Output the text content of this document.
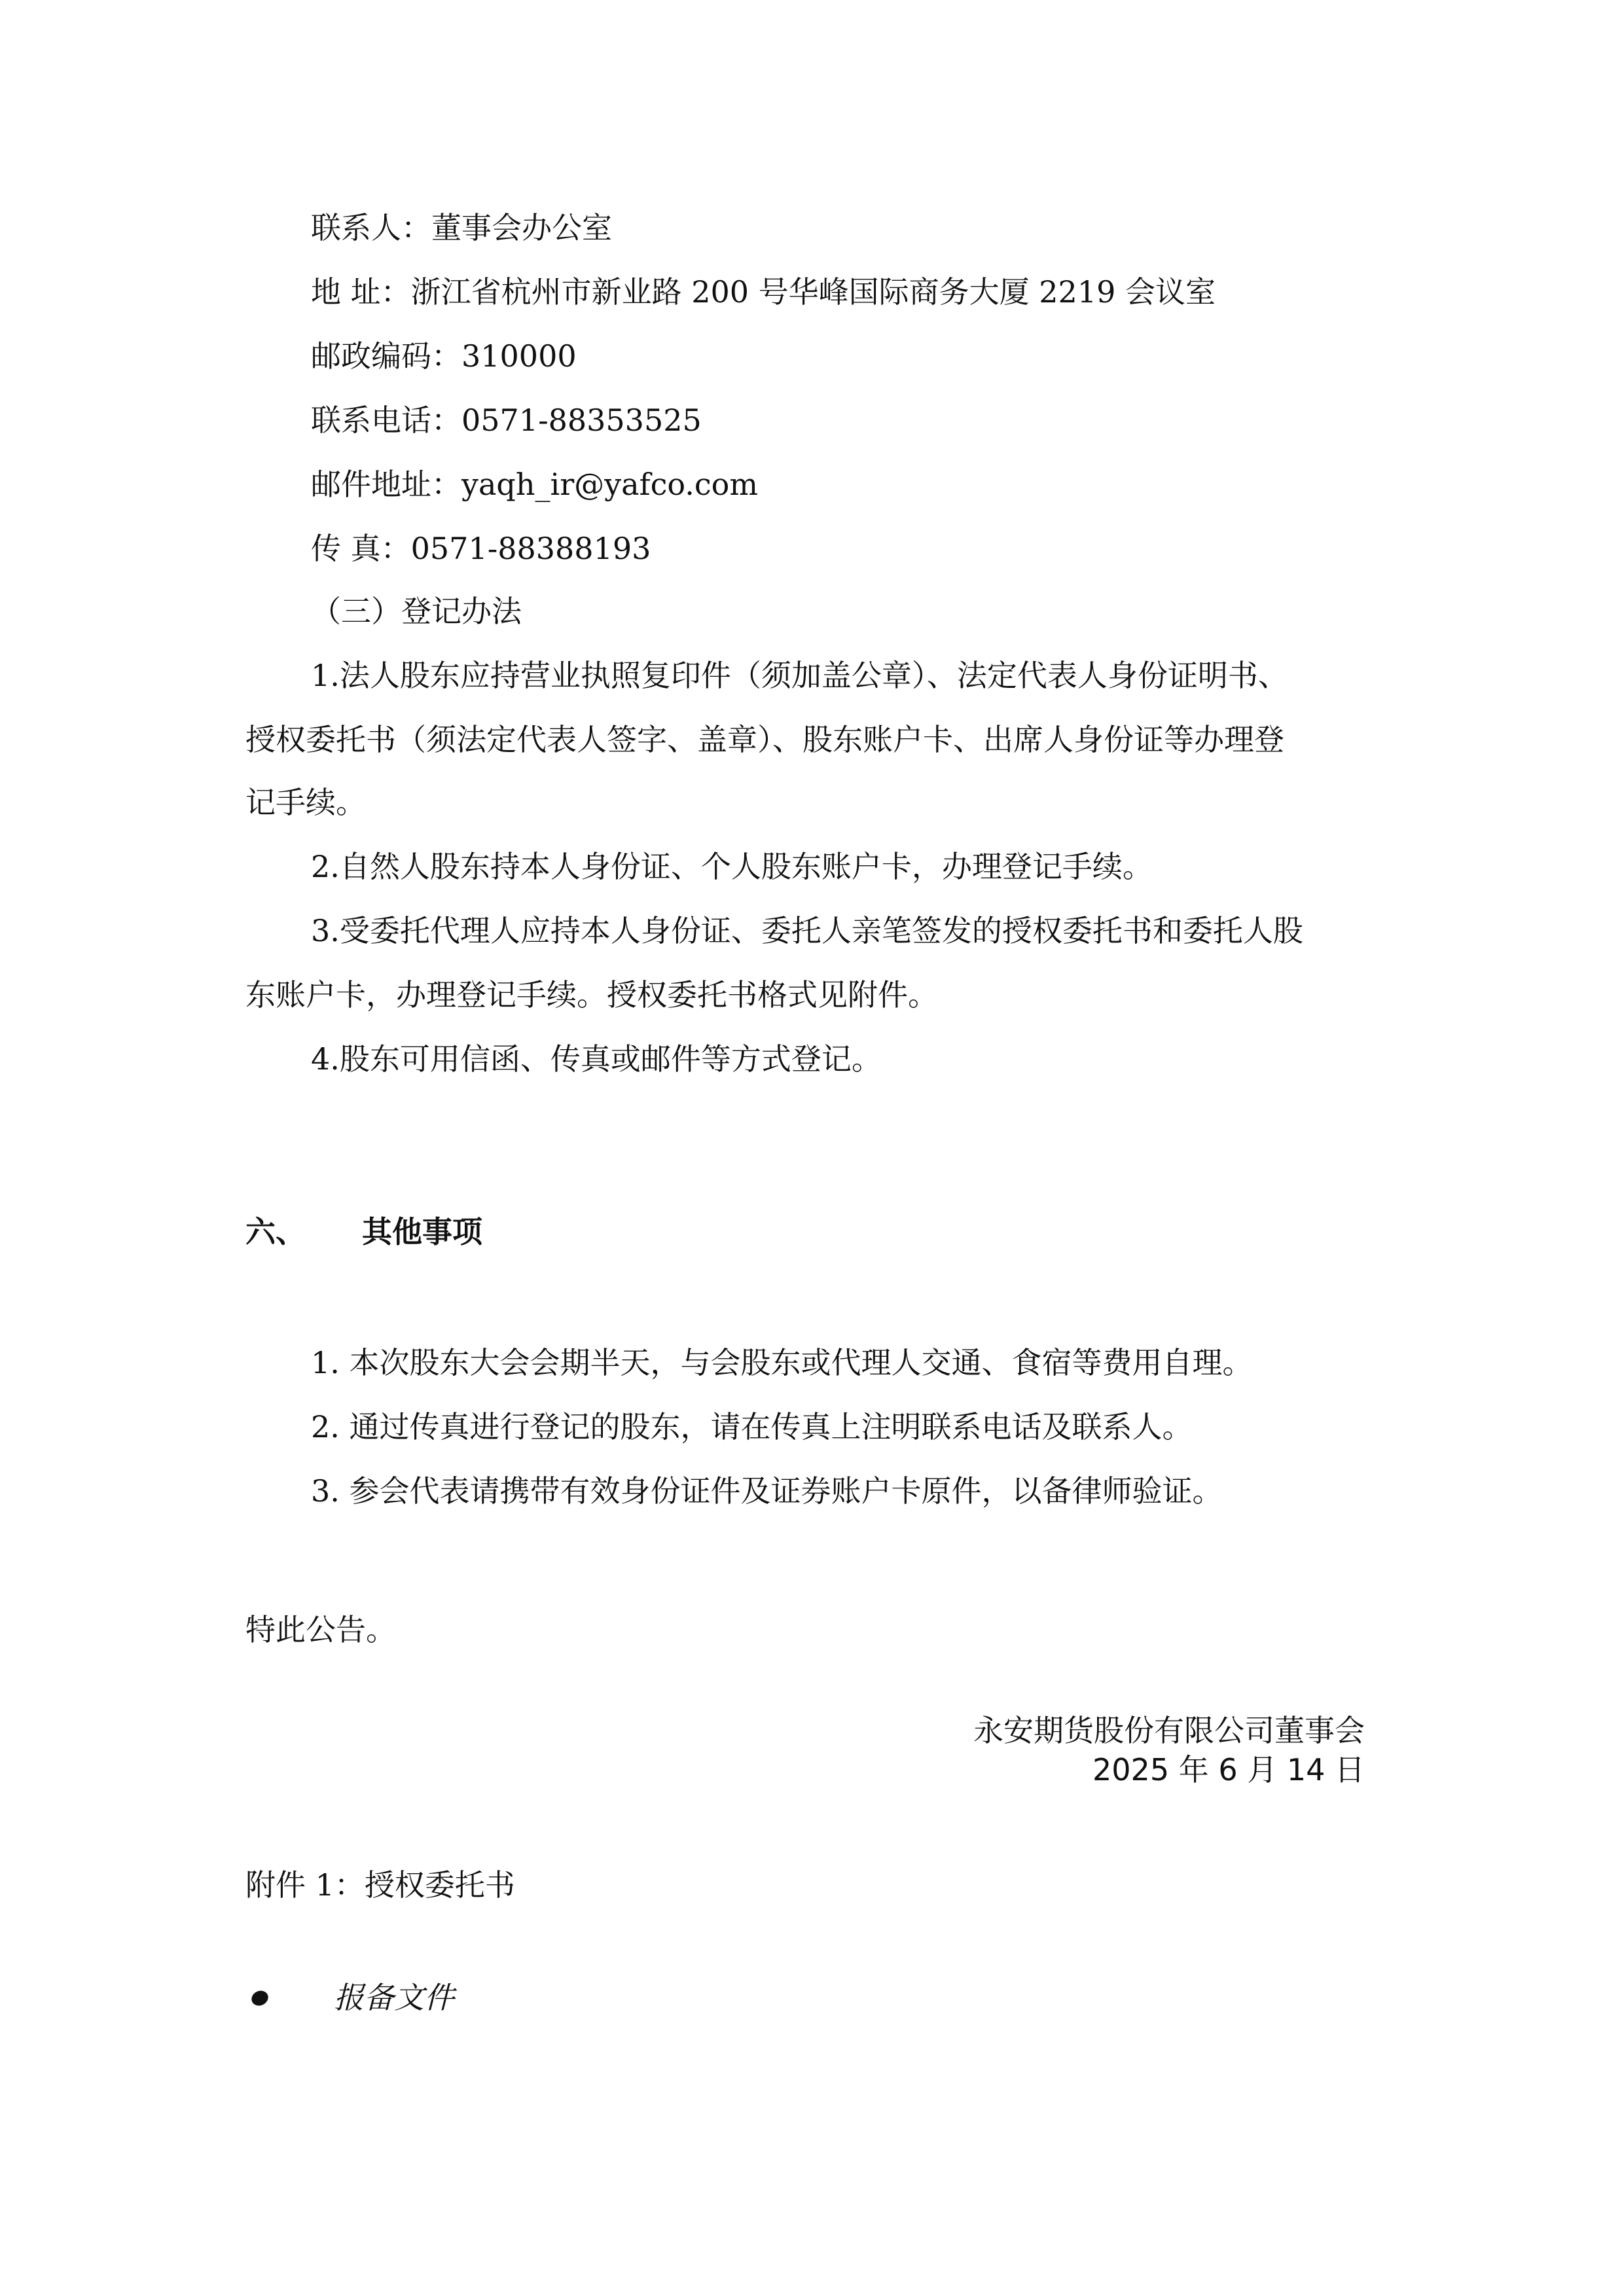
联系人：董事会办公室
地 址：浙江省杭州市新业路 200 号华峰国际商务大厦 2219 会议室
邮政编码：310000
联系电话：0571-88353525
邮件地址：yaqh_ir@yafco.com
传 真：0571-88388193
（三）登记办法
1.法人股东应持营业执照复印件（须加盖公章）、法定代表人身份证明书、
授权委托书（须法定代表人签字、盖章）、股东账户卡、出席人身份证等办理登
记手续。
2.自然人股东持本人身份证、个人股东账户卡，办理登记手续。
3.受委托代理人应持本人身份证、委托人亲笔签发的授权委托书和委托人股
东账户卡，办理登记手续。授权委托书格式见附件。
4.股东可用信函、传真或邮件等方式登记。
六、 其他事项
1. 本次股东大会会期半天，与会股东或代理人交通、食宿等费用自理。
2. 通过传真进行登记的股东，请在传真上注明联系电话及联系人。
3. 参会代表请携带有效身份证件及证券账户卡原件，以备律师验证。
特此公告。
永安期货股份有限公司董事会
2025 年 6 月 14 日
附件 1：授权委托书
报备文件
